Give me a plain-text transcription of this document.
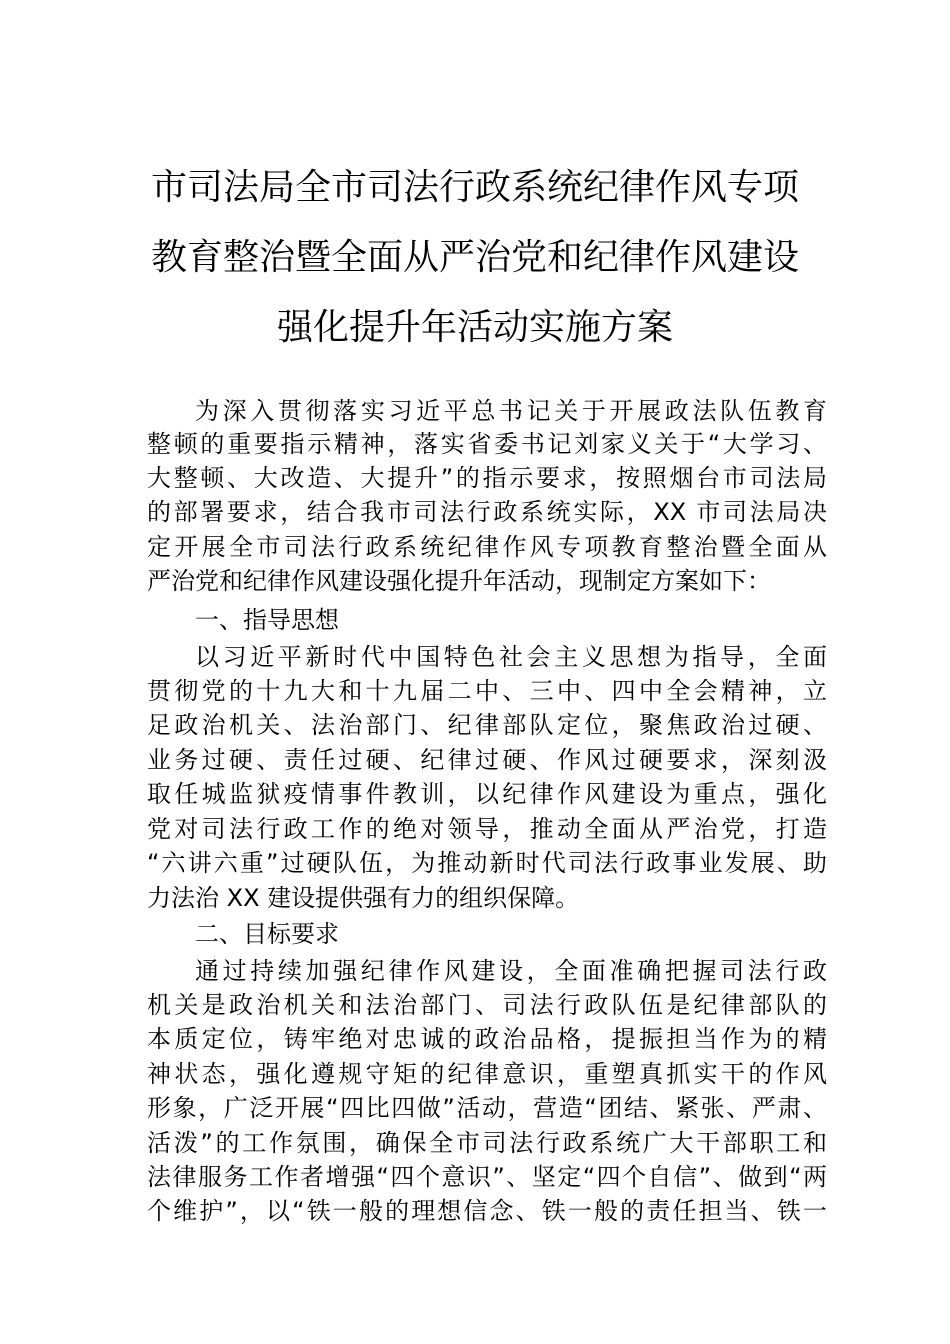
市司法局全市司法行政系统纪律作风专项
教育整治暨全面从严治党和纪律作风建设
强化提升年活动实施方案
为深入贯彻落实习近平总书记关于开展政法队伍教育
整顿的重要指示精神，落实省委书记刘家义关于“大学习、
大整顿、大改造、大提升”的指示要求，按照烟台市司法局
的部署要求，结合我市司法行政系统实际，XX 市司法局决
定开展全市司法行政系统纪律作风专项教育整治暨全面从
严治党和纪律作风建设强化提升年活动，现制定方案如下：
一、指导思想
以习近平新时代中国特色社会主义思想为指导，全面
贯彻党的十九大和十九届二中、三中、四中全会精神，立
足政治机关、法治部门、纪律部队定位，聚焦政治过硬、
业务过硬、责任过硬、纪律过硬、作风过硬要求，深刻汲
取任城监狱疫情事件教训，以纪律作风建设为重点，强化
党对司法行政工作的绝对领导，推动全面从严治党，打造
“六讲六重”过硬队伍，为推动新时代司法行政事业发展、助
力法治 XX 建设提供强有力的组织保障。
二、目标要求
通过持续加强纪律作风建设，全面准确把握司法行政
机关是政治机关和法治部门、司法行政队伍是纪律部队的
本质定位，铸牢绝对忠诚的政治品格，提振担当作为的精
神状态，强化遵规守矩的纪律意识，重塑真抓实干的作风
形象，广泛开展“四比四做”活动，营造“团结、紧张、严肃、
活泼”的工作氛围，确保全市司法行政系统广大干部职工和
法律服务工作者增强“四个意识”、坚定“四个自信”、做到“两
个维护”，以“铁一般的理想信念、铁一般的责任担当、铁一
